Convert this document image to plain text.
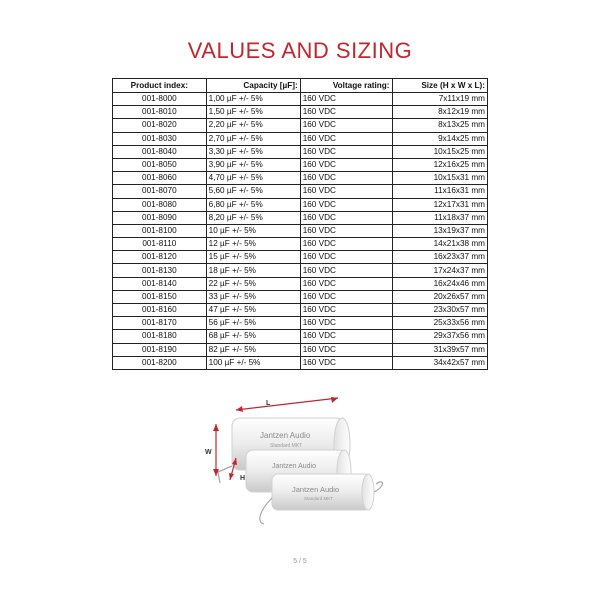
VALUES AND SIZING
Product index:	Capacity [µF]:	Voltage rating:	Size (H x W x L):
001-8000	1,00 µF +/- 5%	160 VDC	7x11x19 mm
001-8010	1,50 µF +/- 5%	160 VDC	8x12x19 mm
001-8020	2,20 µF +/- 5%	160 VDC	8x13x25 mm
001-8030	2,70 µF +/- 5%	160 VDC	9x14x25 mm
001-8040	3,30 µF +/- 5%	160 VDC	10x15x25 mm
001-8050	3,90 µF +/- 5%	160 VDC	12x16x25 mm
001-8060	4,70 µF +/- 5%	160 VDC	10x15x31 mm
001-8070	5,60 µF +/- 5%	160 VDC	11x16x31 mm
001-8080	6,80 µF +/- 5%	160 VDC	12x17x31 mm
001-8090	8,20 µF +/- 5%	160 VDC	11x18x37 mm
001-8100	10 µF +/- 5%	160 VDC	13x19x37 mm
001-8110	12 µF +/- 5%	160 VDC	14x21x38 mm
001-8120	15 µF +/- 5%	160 VDC	16x23x37 mm
001-8130	18 µF +/- 5%	160 VDC	17x24x37 mm
001-8140	22 µF +/- 5%	160 VDC	16x24x46 mm
001-8150	33 µF +/- 5%	160 VDC	20x26x57 mm
001-8160	47 µF +/- 5%	160 VDC	23x30x57 mm
001-8170	56 µF +/- 5%	160 VDC	25x33x56 mm
001-8180	68 µF +/- 5%	160 VDC	29x37x56 mm
001-8190	82 µF +/- 5%	160 VDC	31x39x57 mm
001-8200	100 µF +/- 5%	160 VDC	34x42x57 mm
Jantzen Audio
Standard MKT
Jantzen Audio
Jantzen Audio
Standard MKT
L
W
H
5 / 5
